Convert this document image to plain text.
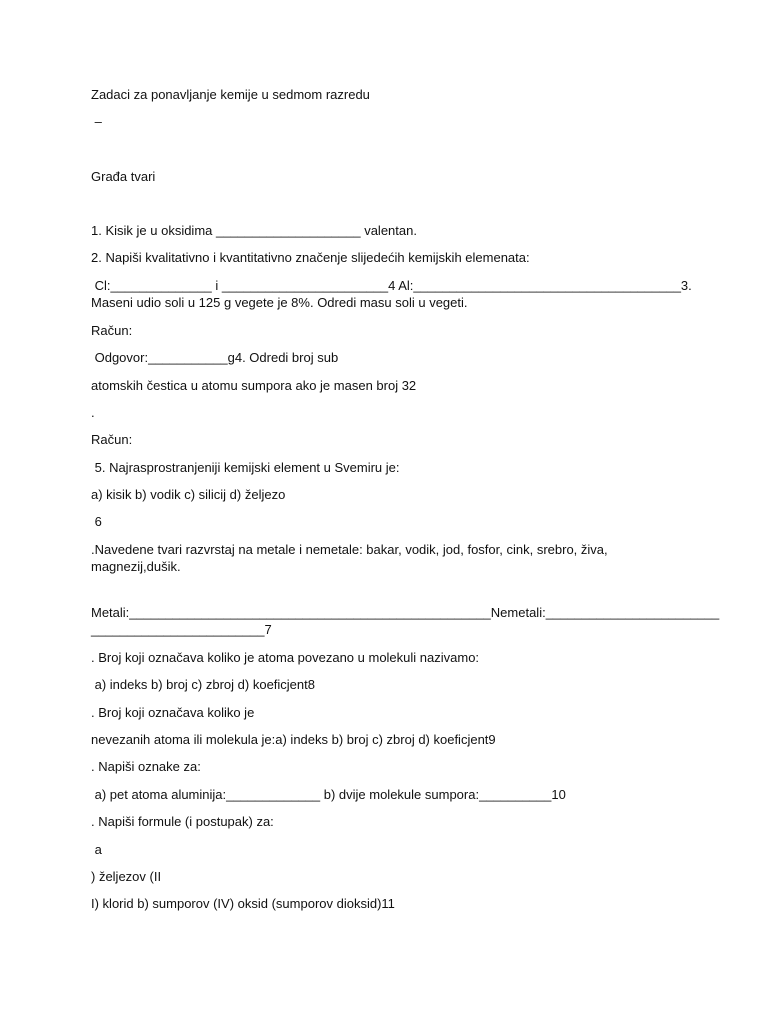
Zadaci za ponavljanje kemije u sedmom razredu

–

Građa tvari

1. Kisik je u oksidima ____________________ valentan.

2. Napiši kvalitativno i kvantitativno značenje slijedećih kemijskih elemenata:

Cl:______________ i _______________________4 Al:_____________________________________3.

Maseni udio soli u 125 g vegete je 8%. Odredi masu soli u vegeti.

Račun:

Odgovor:___________g4. Odredi broj sub

atomskih čestica u atomu sumpora ako je masen broj 32

.

Račun:

5. Najrasprostranjeniji kemijski element u Svemiru je:

a) kisik b) vodik c) silicij d) željezo

6

.Navedene tvari razvrstaj na metale i nemetale: bakar, vodik, jod, fosfor, cink, srebro, živa,

magnezij,dušik.

Metali:__________________________________________________Nemetali:________________________

________________________7

. Broj koji označava koliko je atoma povezano u molekuli nazivamo:

a) indeks b) broj c) zbroj d) koeficjent8

. Broj koji označava koliko je

nevezanih atoma ili molekula je:a) indeks b) broj c) zbroj d) koeficjent9

. Napiši oznake za:

a) pet atoma aluminija:_____________ b) dvije molekule sumpora:__________10

. Napiši formule (i postupak) za:

a

) željezov (II

I) klorid b) sumporov (IV) oksid (sumporov dioksid)11
